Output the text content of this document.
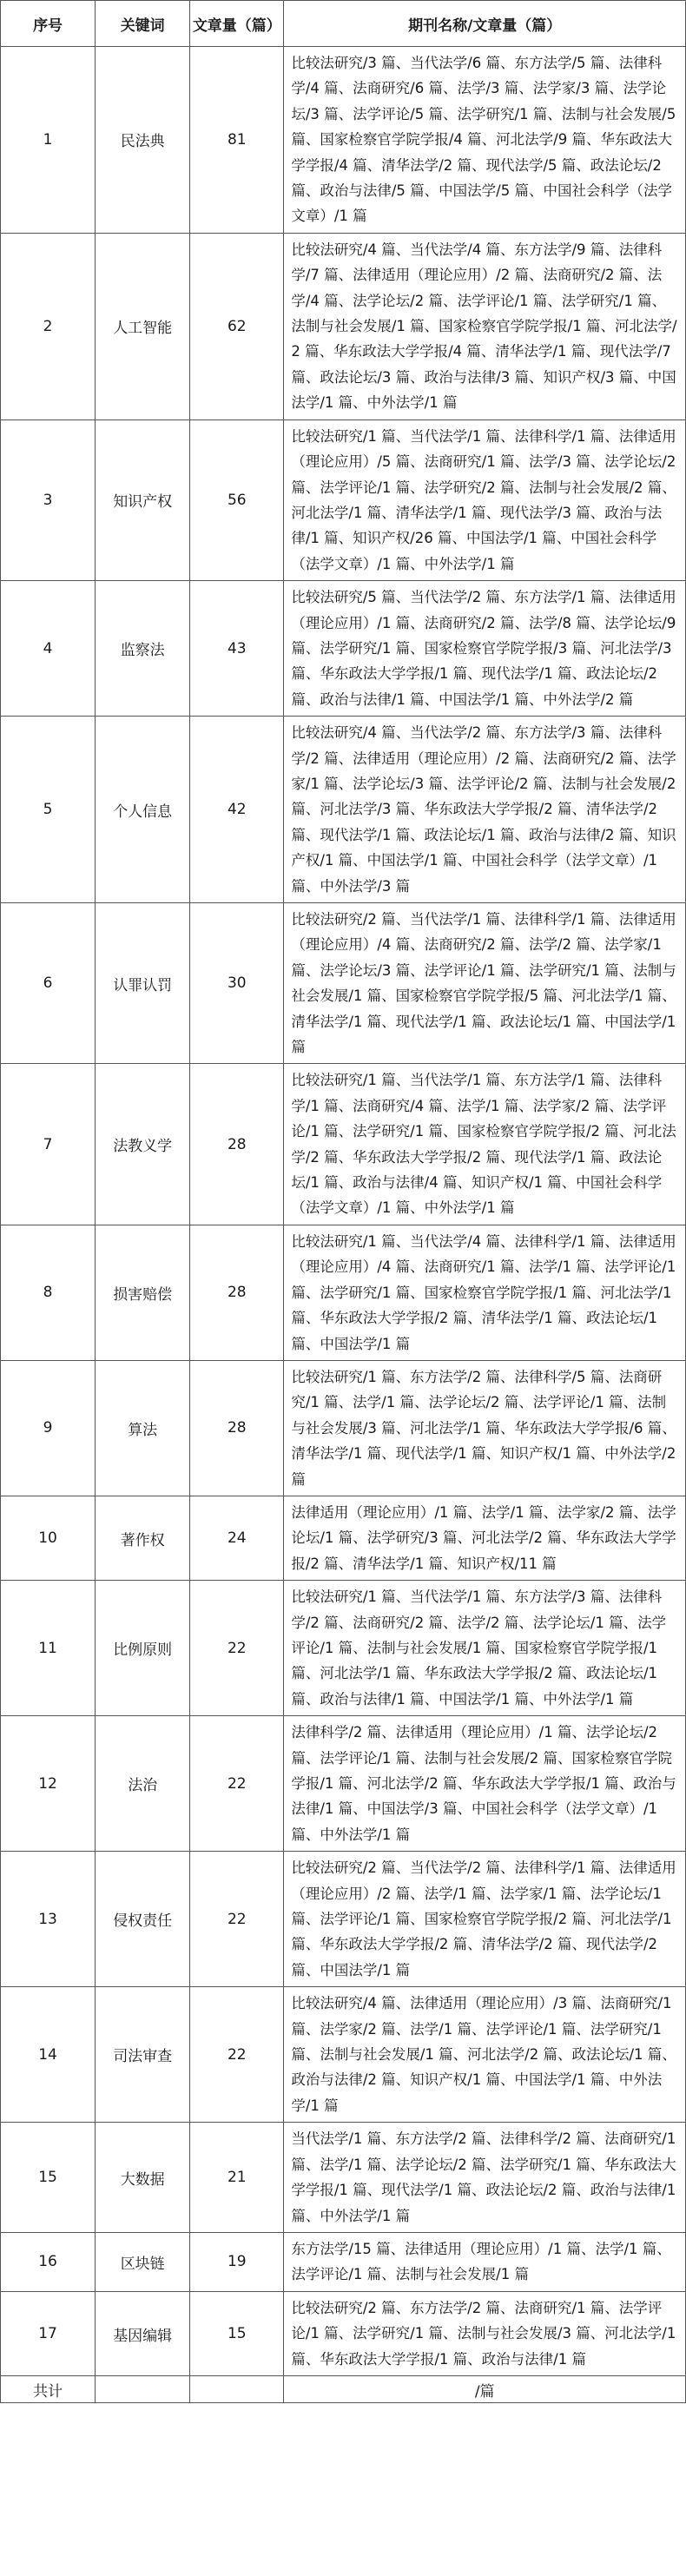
序号	关键词	文章量（篇）	期刊名称/文章量（篇）
1	民法典	81	比较法研究/3 篇、当代法学/6 篇、东方法学/5 篇、法律科学/4 篇、法商研究/6 篇、法学/3 篇、法学家/3 篇、法学论坛/3 篇、法学评论/5 篇、法学研究/1 篇、法制与社会发展/5 篇、国家检察官学院学报/4 篇、河北法学/9 篇、华东政法大学学报/4 篇、清华法学/2 篇、现代法学/5 篇、政法论坛/2 篇、政治与法律/5 篇、中国法学/5 篇、中国社会科学（法学文章）/1 篇
2	人工智能	62	比较法研究/4 篇、当代法学/4 篇、东方法学/9 篇、法律科学/7 篇、法律适用（理论应用）/2 篇、法商研究/2 篇、法学/4 篇、法学论坛/2 篇、法学评论/1 篇、法学研究/1 篇、法制与社会发展/1 篇、国家检察官学院学报/1 篇、河北法学/2 篇、华东政法大学学报/4 篇、清华法学/1 篇、现代法学/7 篇、政法论坛/3 篇、政治与法律/3 篇、知识产权/3 篇、中国法学/1 篇、中外法学/1 篇
3	知识产权	56	比较法研究/1 篇、当代法学/1 篇、法律科学/1 篇、法律适用（理论应用）/5 篇、法商研究/1 篇、法学/3 篇、法学论坛/2 篇、法学评论/1 篇、法学研究/2 篇、法制与社会发展/2 篇、河北法学/1 篇、清华法学/1 篇、现代法学/3 篇、政治与法律/1 篇、知识产权/26 篇、中国法学/1 篇、中国社会科学（法学文章）/1 篇、中外法学/1 篇
4	监察法	43	比较法研究/5 篇、当代法学/2 篇、东方法学/1 篇、法律适用（理论应用）/1 篇、法商研究/2 篇、法学/8 篇、法学论坛/9 篇、法学研究/1 篇、国家检察官学院学报/3 篇、河北法学/3 篇、华东政法大学学报/1 篇、现代法学/1 篇、政法论坛/2 篇、政治与法律/1 篇、中国法学/1 篇、中外法学/2 篇
5	个人信息	42	比较法研究/4 篇、当代法学/2 篇、东方法学/3 篇、法律科学/2 篇、法律适用（理论应用）/2 篇、法商研究/2 篇、法学家/1 篇、法学论坛/3 篇、法学评论/2 篇、法制与社会发展/2 篇、河北法学/3 篇、华东政法大学学报/2 篇、清华法学/2 篇、现代法学/1 篇、政法论坛/1 篇、政治与法律/2 篇、知识产权/1 篇、中国法学/1 篇、中国社会科学（法学文章）/1 篇、中外法学/3 篇
6	认罪认罚	30	比较法研究/2 篇、当代法学/1 篇、法律科学/1 篇、法律适用（理论应用）/4 篇、法商研究/2 篇、法学/2 篇、法学家/1 篇、法学论坛/3 篇、法学评论/1 篇、法学研究/1 篇、法制与社会发展/1 篇、国家检察官学院学报/5 篇、河北法学/1 篇、清华法学/1 篇、现代法学/1 篇、政法论坛/1 篇、中国法学/1 篇
7	法教义学	28	比较法研究/1 篇、当代法学/1 篇、东方法学/1 篇、法律科学/1 篇、法商研究/4 篇、法学/1 篇、法学家/2 篇、法学评论/1 篇、法学研究/1 篇、国家检察官学院学报/2 篇、河北法学/2 篇、华东政法大学学报/2 篇、现代法学/1 篇、政法论坛/1 篇、政治与法律/4 篇、知识产权/1 篇、中国社会科学（法学文章）/1 篇、中外法学/1 篇
8	损害赔偿	28	比较法研究/1 篇、当代法学/4 篇、法律科学/1 篇、法律适用（理论应用）/4 篇、法商研究/1 篇、法学/1 篇、法学评论/1 篇、法学研究/1 篇、国家检察官学院学报/1 篇、河北法学/1 篇、华东政法大学学报/2 篇、清华法学/1 篇、政法论坛/1 篇、中国法学/1 篇
9	算法	28	比较法研究/1 篇、东方法学/2 篇、法律科学/5 篇、法商研究/1 篇、法学/1 篇、法学论坛/2 篇、法学评论/1 篇、法制与社会发展/3 篇、河北法学/1 篇、华东政法大学学报/6 篇、清华法学/1 篇、现代法学/1 篇、知识产权/1 篇、中外法学/2 篇
10	著作权	24	法律适用（理论应用）/1 篇、法学/1 篇、法学家/2 篇、法学论坛/1 篇、法学研究/3 篇、河北法学/2 篇、华东政法大学学报/2 篇、清华法学/1 篇、知识产权/11 篇
11	比例原则	22	比较法研究/1 篇、当代法学/1 篇、东方法学/3 篇、法律科学/2 篇、法商研究/2 篇、法学/2 篇、法学论坛/1 篇、法学评论/1 篇、法制与社会发展/1 篇、国家检察官学院学报/1 篇、河北法学/1 篇、华东政法大学学报/2 篇、政法论坛/1 篇、政治与法律/1 篇、中国法学/1 篇、中外法学/1 篇
12	法治	22	法律科学/2 篇、法律适用（理论应用）/1 篇、法学论坛/2 篇、法学评论/1 篇、法制与社会发展/2 篇、国家检察官学院学报/1 篇、河北法学/2 篇、华东政法大学学报/1 篇、政治与法律/1 篇、中国法学/3 篇、中国社会科学（法学文章）/1 篇、中外法学/1 篇
13	侵权责任	22	比较法研究/2 篇、当代法学/2 篇、法律科学/1 篇、法律适用（理论应用）/2 篇、法学/1 篇、法学家/1 篇、法学论坛/1 篇、法学评论/1 篇、国家检察官学院学报/2 篇、河北法学/1 篇、华东政法大学学报/2 篇、清华法学/2 篇、现代法学/2 篇、中国法学/1 篇
14	司法审查	22	比较法研究/4 篇、法律适用（理论应用）/3 篇、法商研究/1 篇、法学家/2 篇、法学/1 篇、法学评论/1 篇、法学研究/1 篇、法制与社会发展/1 篇、河北法学/2 篇、政法论坛/1 篇、政治与法律/2 篇、知识产权/1 篇、中国法学/1 篇、中外法学/1 篇
15	大数据	21	当代法学/1 篇、东方法学/2 篇、法律科学/2 篇、法商研究/1 篇、法学/1 篇、法学论坛/2 篇、法学研究/1 篇、华东政法大学学报/1 篇、现代法学/1 篇、政法论坛/2 篇、政治与法律/1 篇、中外法学/1 篇
16	区块链	19	东方法学/15 篇、法律适用（理论应用）/1 篇、法学/1 篇、法学评论/1 篇、法制与社会发展/1 篇
17	基因编辑	15	比较法研究/2 篇、东方法学/2 篇、法商研究/1 篇、法学评论/1 篇、法学研究/1 篇、法制与社会发展/3 篇、河北法学/1 篇、华东政法大学学报/1 篇、政治与法律/1 篇
共计			/篇
